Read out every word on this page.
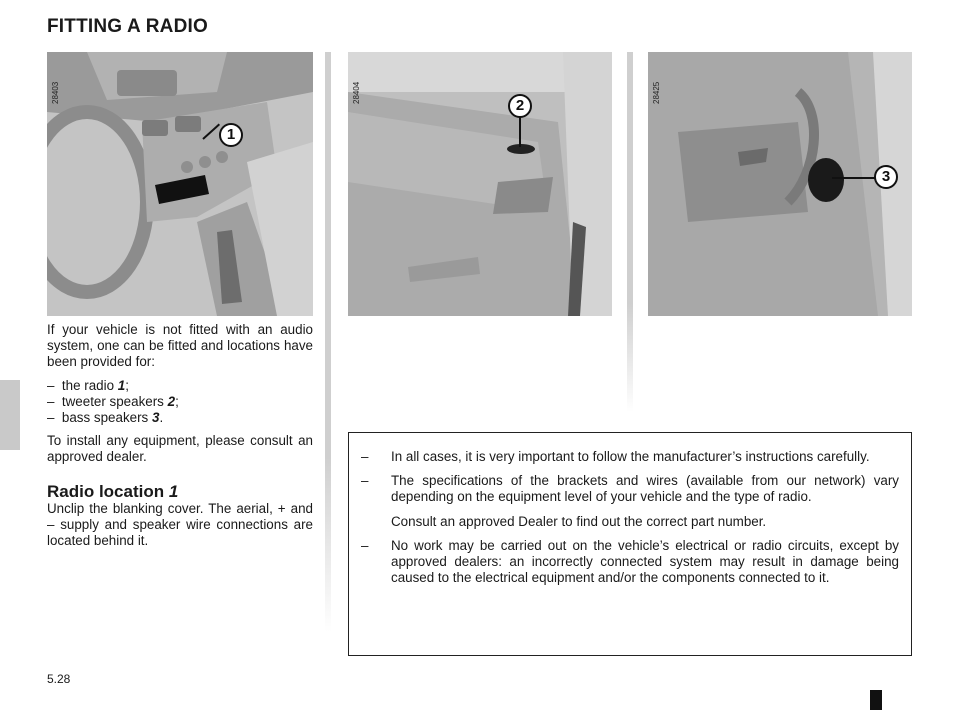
FITTING A RADIO
28403
1
28404
2
28425
3

If your vehicle is not fitted with an audio system, one can be fitted and locations have been provided for:

– the radio 1;
– tweeter speakers 2;
– bass speakers 3.

To install any equipment, please consult an approved dealer.

Radio location 1

Unclip the blanking cover. The aerial, + and – supply and speaker wire connections are located behind it.

– In all cases, it is very important to follow the manufacturer’s instructions carefully.
– The specifications of the brackets and wires (available from our network) vary depending on the equipment level of your vehicle and the type of radio.
Consult an approved Dealer to find out the correct part number.
– No work may be carried out on the vehicle’s electrical or radio circuits, except by approved dealers: an incorrectly connected system may result in damage being caused to the electrical equipment and/or the components connected to it.
5.28
